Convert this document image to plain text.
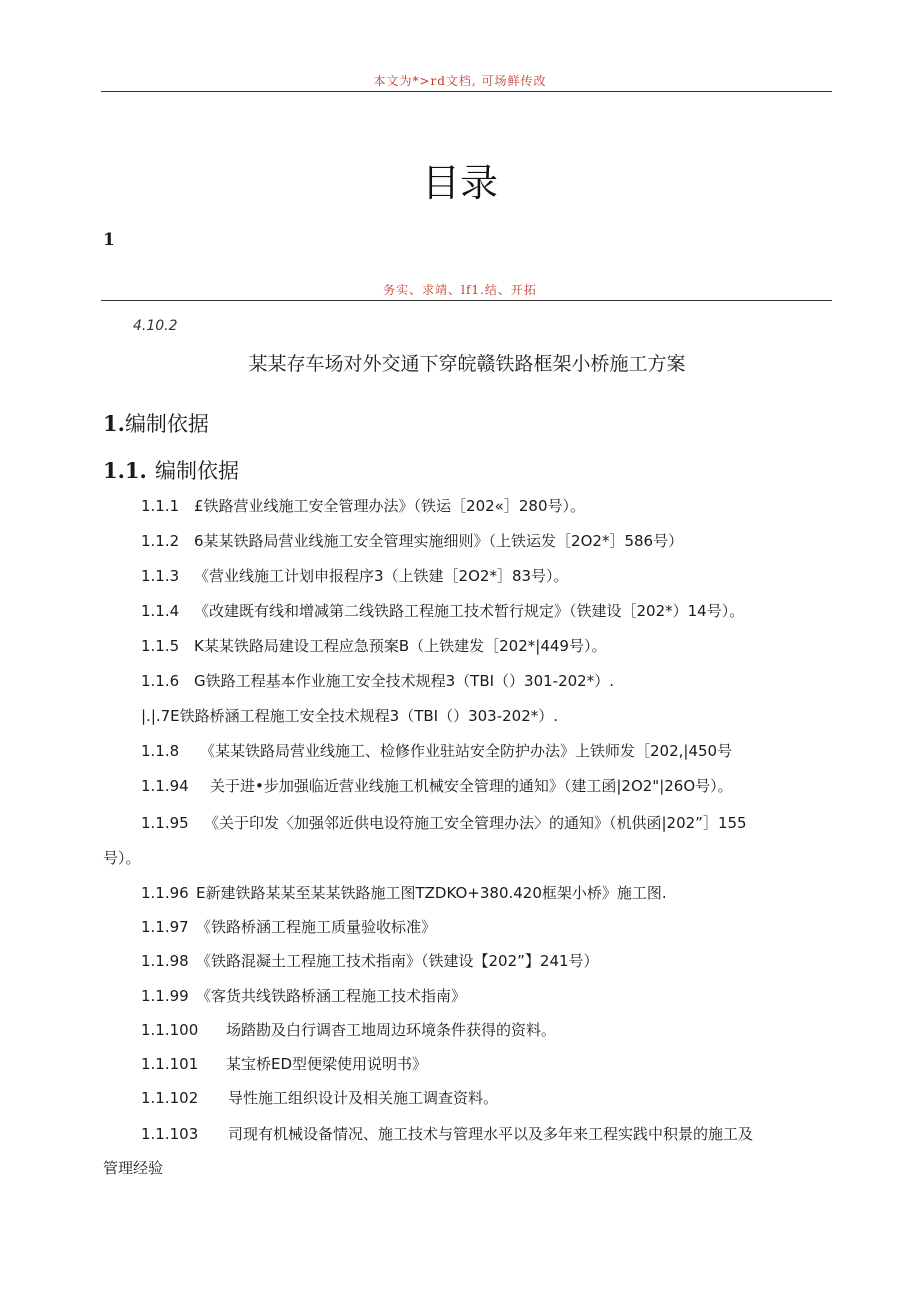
本文为*>rd文档, 可场鲜传改
目录
1
务实、求靖、lf1.结、开拓
4.10.2
某某存车场对外交通下穿皖赣铁路框架小桥施工方案
1.编制依据
1.1. 编制依据
1.1.1 £铁路营业线施工安全管理办法》（铁运［202«］280号）。
1.1.2 6某某铁路局营业线施工安全管理实施细则》（上铁运发［2O2*］586号）
1.1.3 《营业线施工计划申报程序3（上铁建［2O2*］83号）。
1.1.4 《改建既有线和增减第二线铁路工程施工技术暂行规定》（铁建设［202*）14号）。
1.1.5 K某某铁路局建设工程应急预案B（上铁建发［202*|449号）。
1.1.6 G铁路工程基本作业施工安全技术规程3（TBI（）301-202*）.
|.|.7E铁路桥涵工程施工安全技术规程3（TBI（）303-202*）.
1.1.8 《某某铁路局营业线施工、检修作业驻站安全防护办法》上铁师发［202,|450号
1.1.94 关于进•步加强临近营业线施工机械安全管理的通知》（建工函|2O2"|26O号）。
1.1.95 《关于印发〈加强邻近供电设符施工安全管理办法〉的通知》（机供函|202”］155
号）。
1.1.96 E新建铁路某某至某某铁路施工图TZDKO+380.420框架小桥》施工图.
1.1.97 《铁路桥涵工程施工质量验收标准》
1.1.98 《铁路混凝土工程施工技术指南》（铁建设【202”】241号）
1.1.99 《客货共线铁路桥涵工程施工技术指南》
1.1.100 场踏勘及白行调杳工地周边环境条件获得的资料。
1.1.101 某宝桥ED型便梁使用说明书》
1.1.102 导性施工组织设计及相关施工调查资料。
1.1.103 司现有机械设备情况、施工技术与管理水平以及多年来工程实践中积景的施工及
管理经验
